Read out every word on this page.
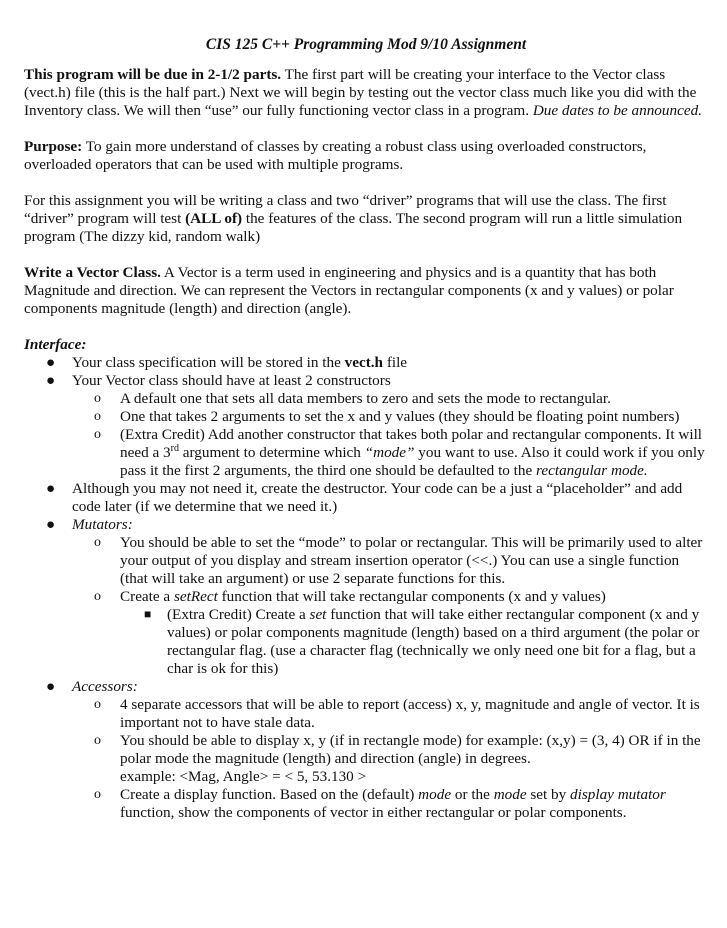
CIS 125 C++ Programming Mod 9/10 Assignment

This program will be due in 2-1/2 parts. The first part will be creating your interface to the Vector class (vect.h) file (this is the half part.) Next we will begin by testing out the vector class much like you did with the Inventory class. We will then “use” our fully functioning vector class in a program. Due dates to be announced.

Purpose: To gain more understand of classes by creating a robust class using overloaded constructors, overloaded operators that can be used with multiple programs.

For this assignment you will be writing a class and two “driver” programs that will use the class. The first “driver” program will test (ALL of) the features of the class. The second program will run a little simulation program (The dizzy kid, random walk)

Write a Vector Class. A Vector is a term used in engineering and physics and is a quantity that has both Magnitude and direction. We can represent the Vectors in rectangular components (x and y values) or polar components magnitude (length) and direction (angle).

Interface:

● Your class specification will be stored in the vect.h file
● Your Vector class should have at least 2 constructors
o A default one that sets all data members to zero and sets the mode to rectangular.
o One that takes 2 arguments to set the x and y values (they should be floating point numbers)
o (Extra Credit) Add another constructor that takes both polar and rectangular components. It will need a 3rd argument to determine which “mode” you want to use. Also it could work if you only pass it the first 2 arguments, the third one should be defaulted to the rectangular mode.
● Although you may not need it, create the destructor. Your code can be a just a “placeholder” and add code later (if we determine that we need it.)
● Mutators:
o You should be able to set the “mode” to polar or rectangular. This will be primarily used to alter your output of you display and stream insertion operator (<<.) You can use a single function (that will take an argument) or use 2 separate functions for this.
o Create a setRect function that will take rectangular components (x and y values)
■ (Extra Credit) Create a set function that will take either rectangular component (x and y values) or polar components magnitude (length) based on a third argument (the polar or rectangular flag. (use a character flag (technically we only need one bit for a flag, but a char is ok for this)
● Accessors:
o 4 separate accessors that will be able to report (access) x, y, magnitude and angle of vector. It is important not to have stale data.
o You should be able to display x, y (if in rectangle mode) for example: (x,y) = (3, 4) OR if in the polar mode the magnitude (length) and direction (angle) in degrees.
example: <Mag, Angle> = < 5, 53.130 >
o Create a display function. Based on the (default) mode or the mode set by display mutator function, show the components of vector in either rectangular or polar components.
